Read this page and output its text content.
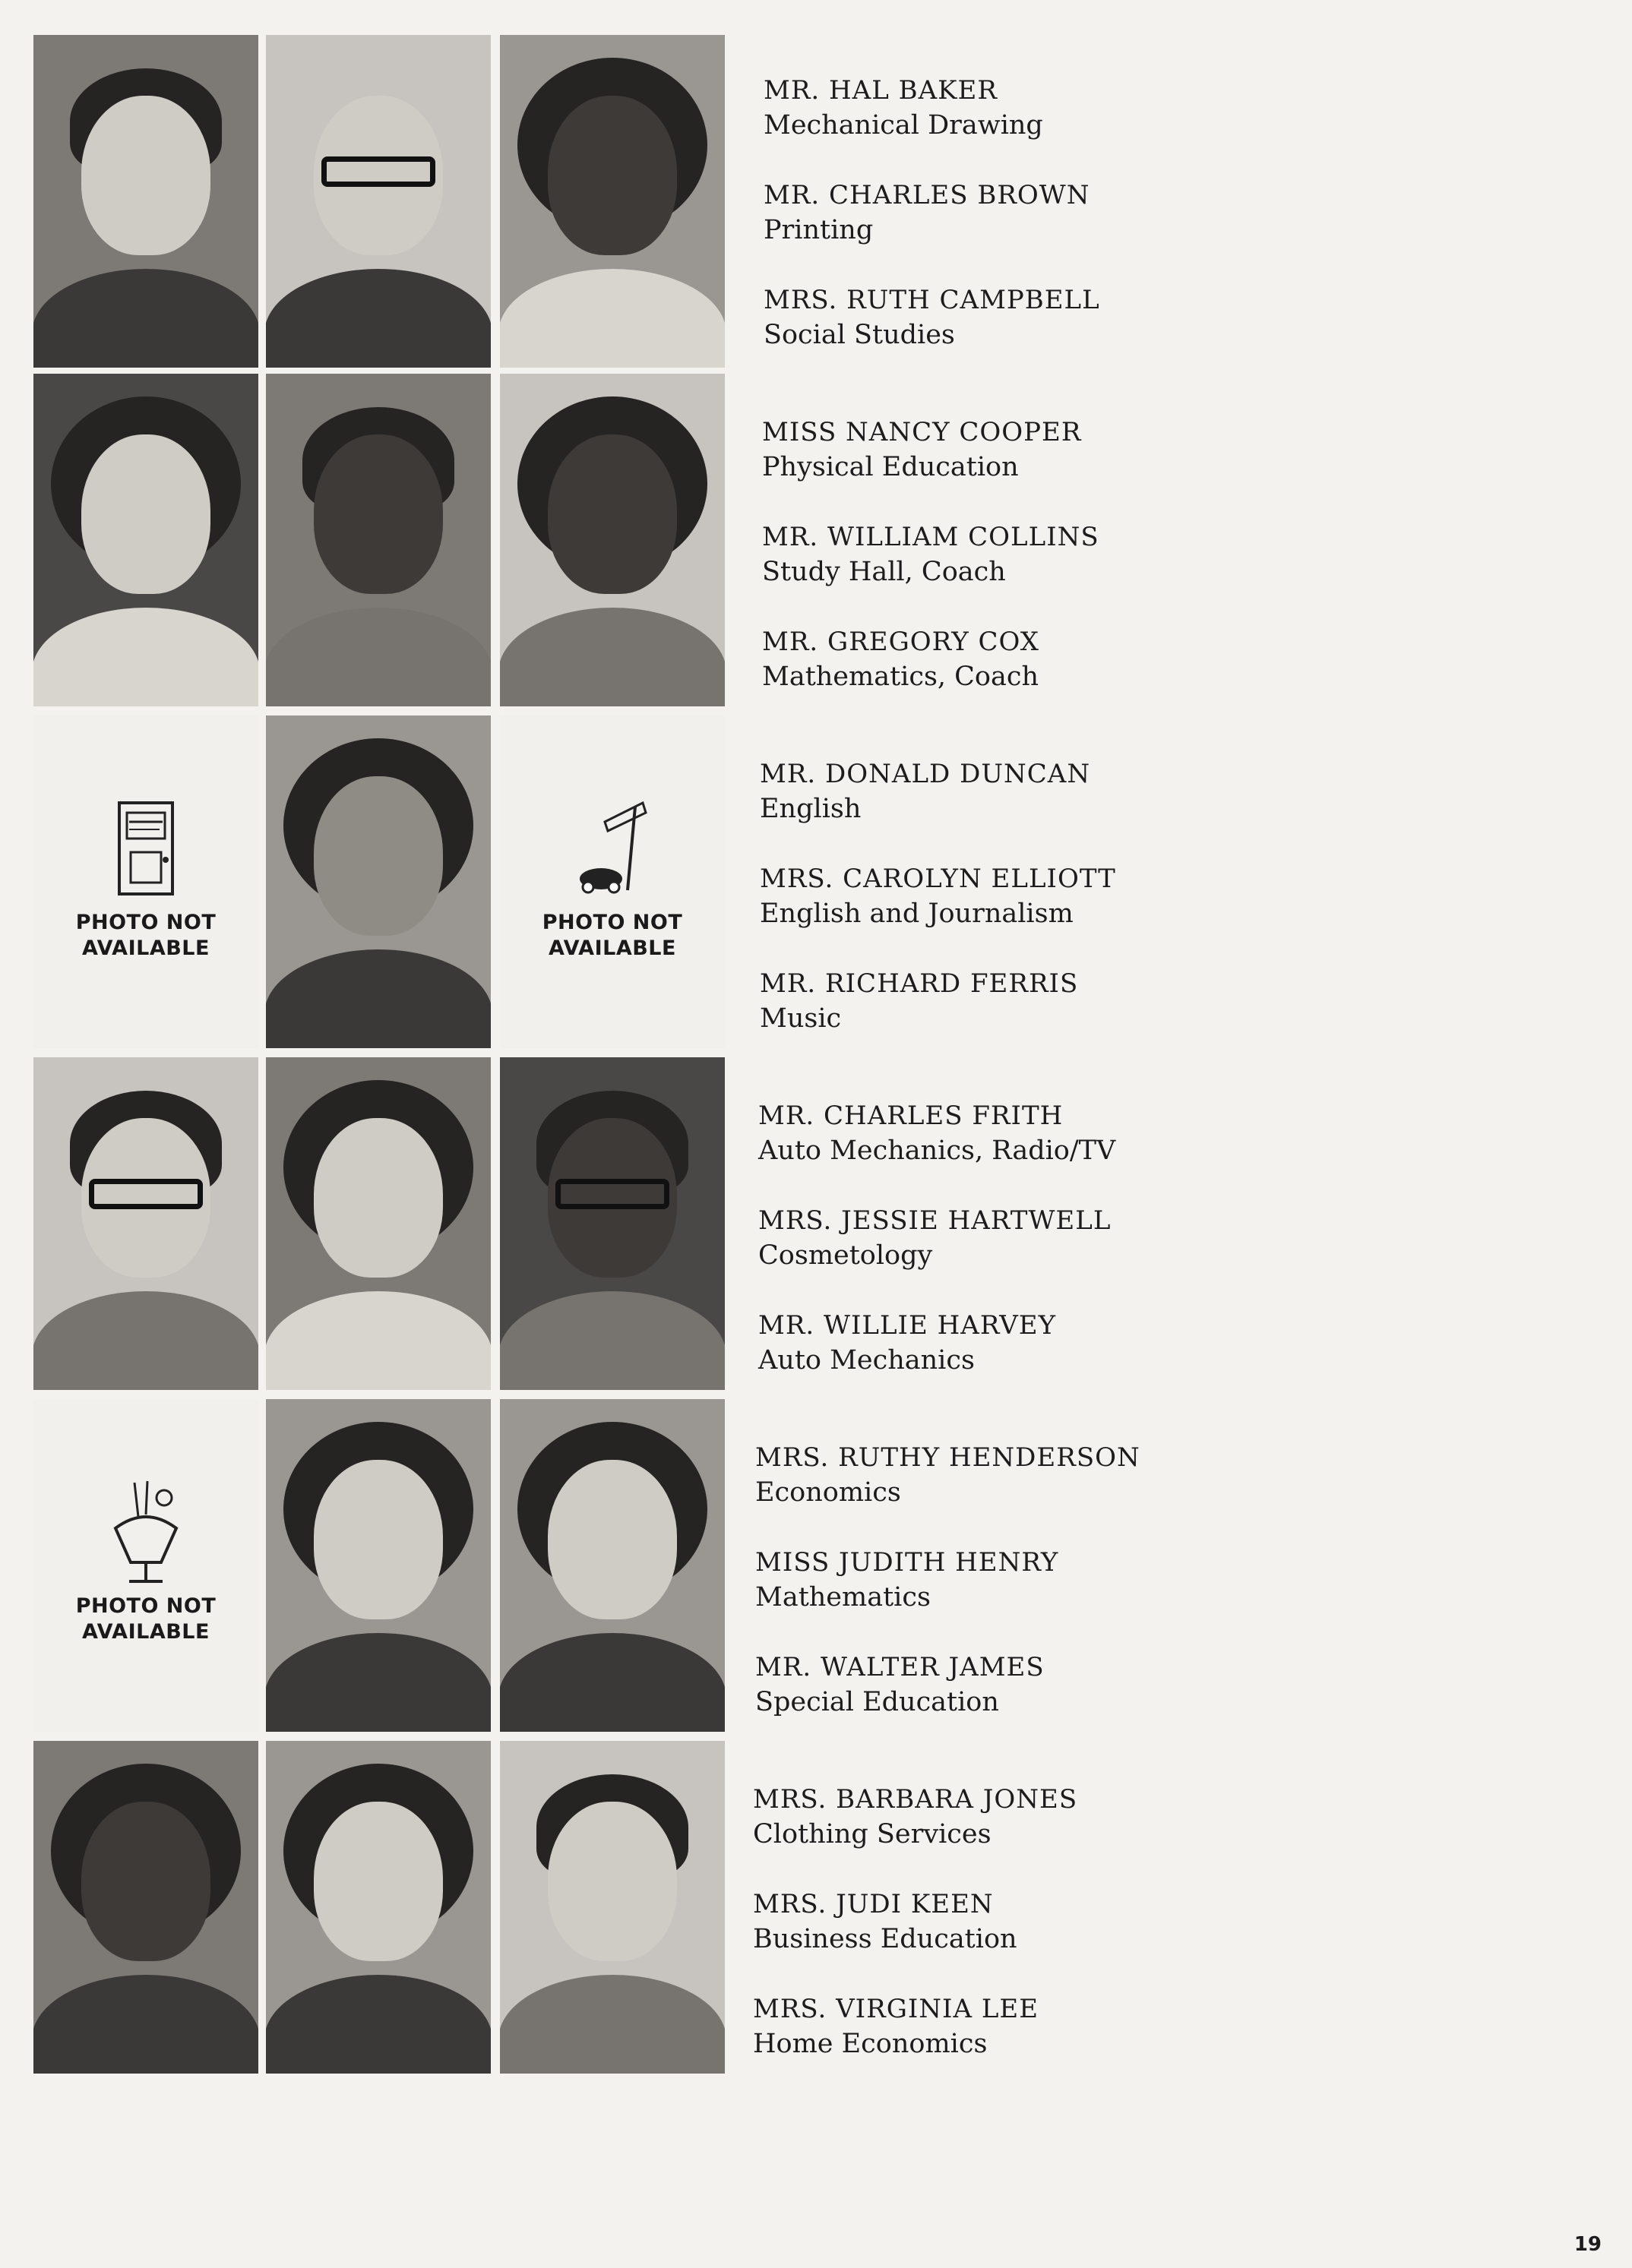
PHOTO NOT AVAILABLE
PHOTO NOT AVAILABLE
PHOTO NOT AVAILABLE
MR. HAL BAKER
Mechanical Drawing
MR. CHARLES BROWN
Printing
MRS. RUTH CAMPBELL
Social Studies
MISS NANCY COOPER
Physical Education
MR. WILLIAM COLLINS
Study Hall, Coach
MR. GREGORY COX
Mathematics, Coach
MR. DONALD DUNCAN
English
MRS. CAROLYN ELLIOTT
English and Journalism
MR. RICHARD FERRIS
Music
MR. CHARLES FRITH
Auto Mechanics, Radio/TV
MRS. JESSIE HARTWELL
Cosmetology
MR. WILLIE HARVEY
Auto Mechanics
MRS. RUTHY HENDERSON
Economics
MISS JUDITH HENRY
Mathematics
MR. WALTER JAMES
Special Education
MRS. BARBARA JONES
Clothing Services
MRS. JUDI KEEN
Business Education
MRS. VIRGINIA LEE
Home Economics
19
